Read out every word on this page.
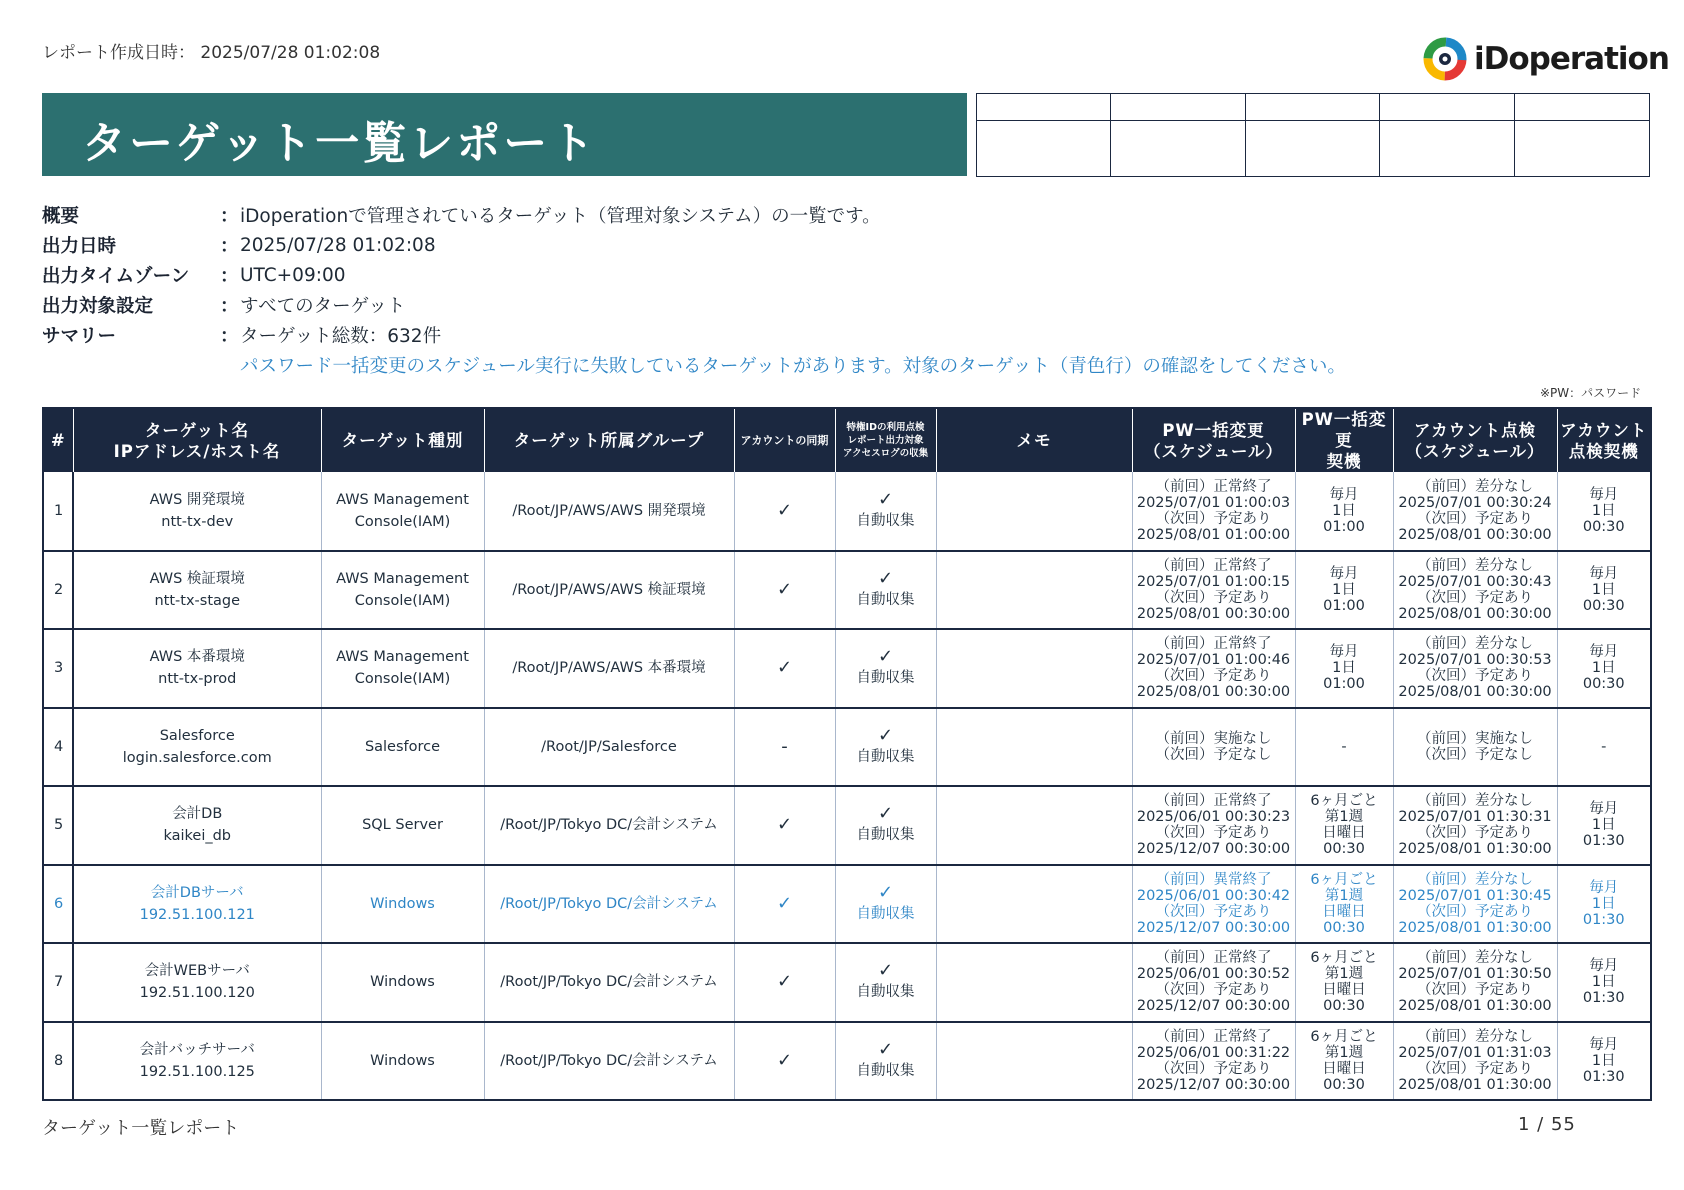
レポート作成日時： 2025/07/28 01:02:08	iDoperation
ターゲット一覧レポート
概要	： iDoperationで管理されているターゲット（管理対象システム）の一覧です。
出力日時	： 2025/07/28 01:02:08
出力タイムゾーン	： UTC+09:00
出力対象設定	： すべてのターゲット
サマリー	： ターゲット総数：632件
パスワード一括変更のスケジュール実行に失敗しているターゲットがあります。対象のターゲット（青色行）の確認をしてください。
※PW：パスワード
#	ターゲット名
IPアドレス/ホスト名	ターゲット種別	ターゲット所属グループ	アカウントの同期	特権IDの利用点検
レポート出力対象
アクセスログの収集	メモ	PW一括変更
（スケジュール）	PW一括変更
契機	アカウント点検
（スケジュール）	アカウント
点検契機

1	AWS 開発環境
ntt-tx-dev	AWS Management
Console(IAM)	/Root/JP/AWS/AWS 開発環境	✓	✓
自動収集		（前回）正常終了
2025/07/01 01:00:03
（次回）予定あり
2025/08/01 01:00:00	毎月
1日
01:00	（前回）差分なし
2025/07/01 00:30:24
（次回）予定あり
2025/08/01 00:30:00	毎月
1日
00:30

2	AWS 検証環境
ntt-tx-stage	AWS Management
Console(IAM)	/Root/JP/AWS/AWS 検証環境	✓	✓
自動収集		（前回）正常終了
2025/07/01 01:00:15
（次回）予定あり
2025/08/01 00:30:00	毎月
1日
01:00	（前回）差分なし
2025/07/01 00:30:43
（次回）予定あり
2025/08/01 00:30:00	毎月
1日
00:30

3	AWS 本番環境
ntt-tx-prod	AWS Management
Console(IAM)	/Root/JP/AWS/AWS 本番環境	✓	✓
自動収集		（前回）正常終了
2025/07/01 01:00:46
（次回）予定あり
2025/08/01 00:30:00	毎月
1日
01:00	（前回）差分なし
2025/07/01 00:30:53
（次回）予定あり
2025/08/01 00:30:00	毎月
1日
00:30

4	Salesforce
login.salesforce.com	Salesforce	/Root/JP/Salesforce	-	✓
自動収集		（前回）実施なし
（次回）予定なし	-	（前回）実施なし
（次回）予定なし	-

5	会計DB
kaikei_db	SQL Server	/Root/JP/Tokyo DC/会計システム	✓	✓
自動収集		（前回）正常終了
2025/06/01 00:30:23
（次回）予定あり
2025/12/07 00:30:00	6ヶ月ごと
第1週
日曜日
00:30	（前回）差分なし
2025/07/01 01:30:31
（次回）予定あり
2025/08/01 01:30:00	毎月
1日
01:30

6	会計DBサーバ
192.51.100.121	Windows	/Root/JP/Tokyo DC/会計システム	✓	✓
自動収集		（前回）異常終了
2025/06/01 00:30:42
（次回）予定あり
2025/12/07 00:30:00	6ヶ月ごと
第1週
日曜日
00:30	（前回）差分なし
2025/07/01 01:30:45
（次回）予定あり
2025/08/01 01:30:00	毎月
1日
01:30

7	会計WEBサーバ
192.51.100.120	Windows	/Root/JP/Tokyo DC/会計システム	✓	✓
自動収集		（前回）正常終了
2025/06/01 00:30:52
（次回）予定あり
2025/12/07 00:30:00	6ヶ月ごと
第1週
日曜日
00:30	（前回）差分なし
2025/07/01 01:30:50
（次回）予定あり
2025/08/01 01:30:00	毎月
1日
01:30

8	会計バッチサーバ
192.51.100.125	Windows	/Root/JP/Tokyo DC/会計システム	✓	✓
自動収集		（前回）正常終了
2025/06/01 00:31:22
（次回）予定あり
2025/12/07 00:30:00	6ヶ月ごと
第1週
日曜日
00:30	（前回）差分なし
2025/07/01 01:31:03
（次回）予定あり
2025/08/01 01:30:00	毎月
1日
01:30
ターゲット一覧レポート	1 / 55
